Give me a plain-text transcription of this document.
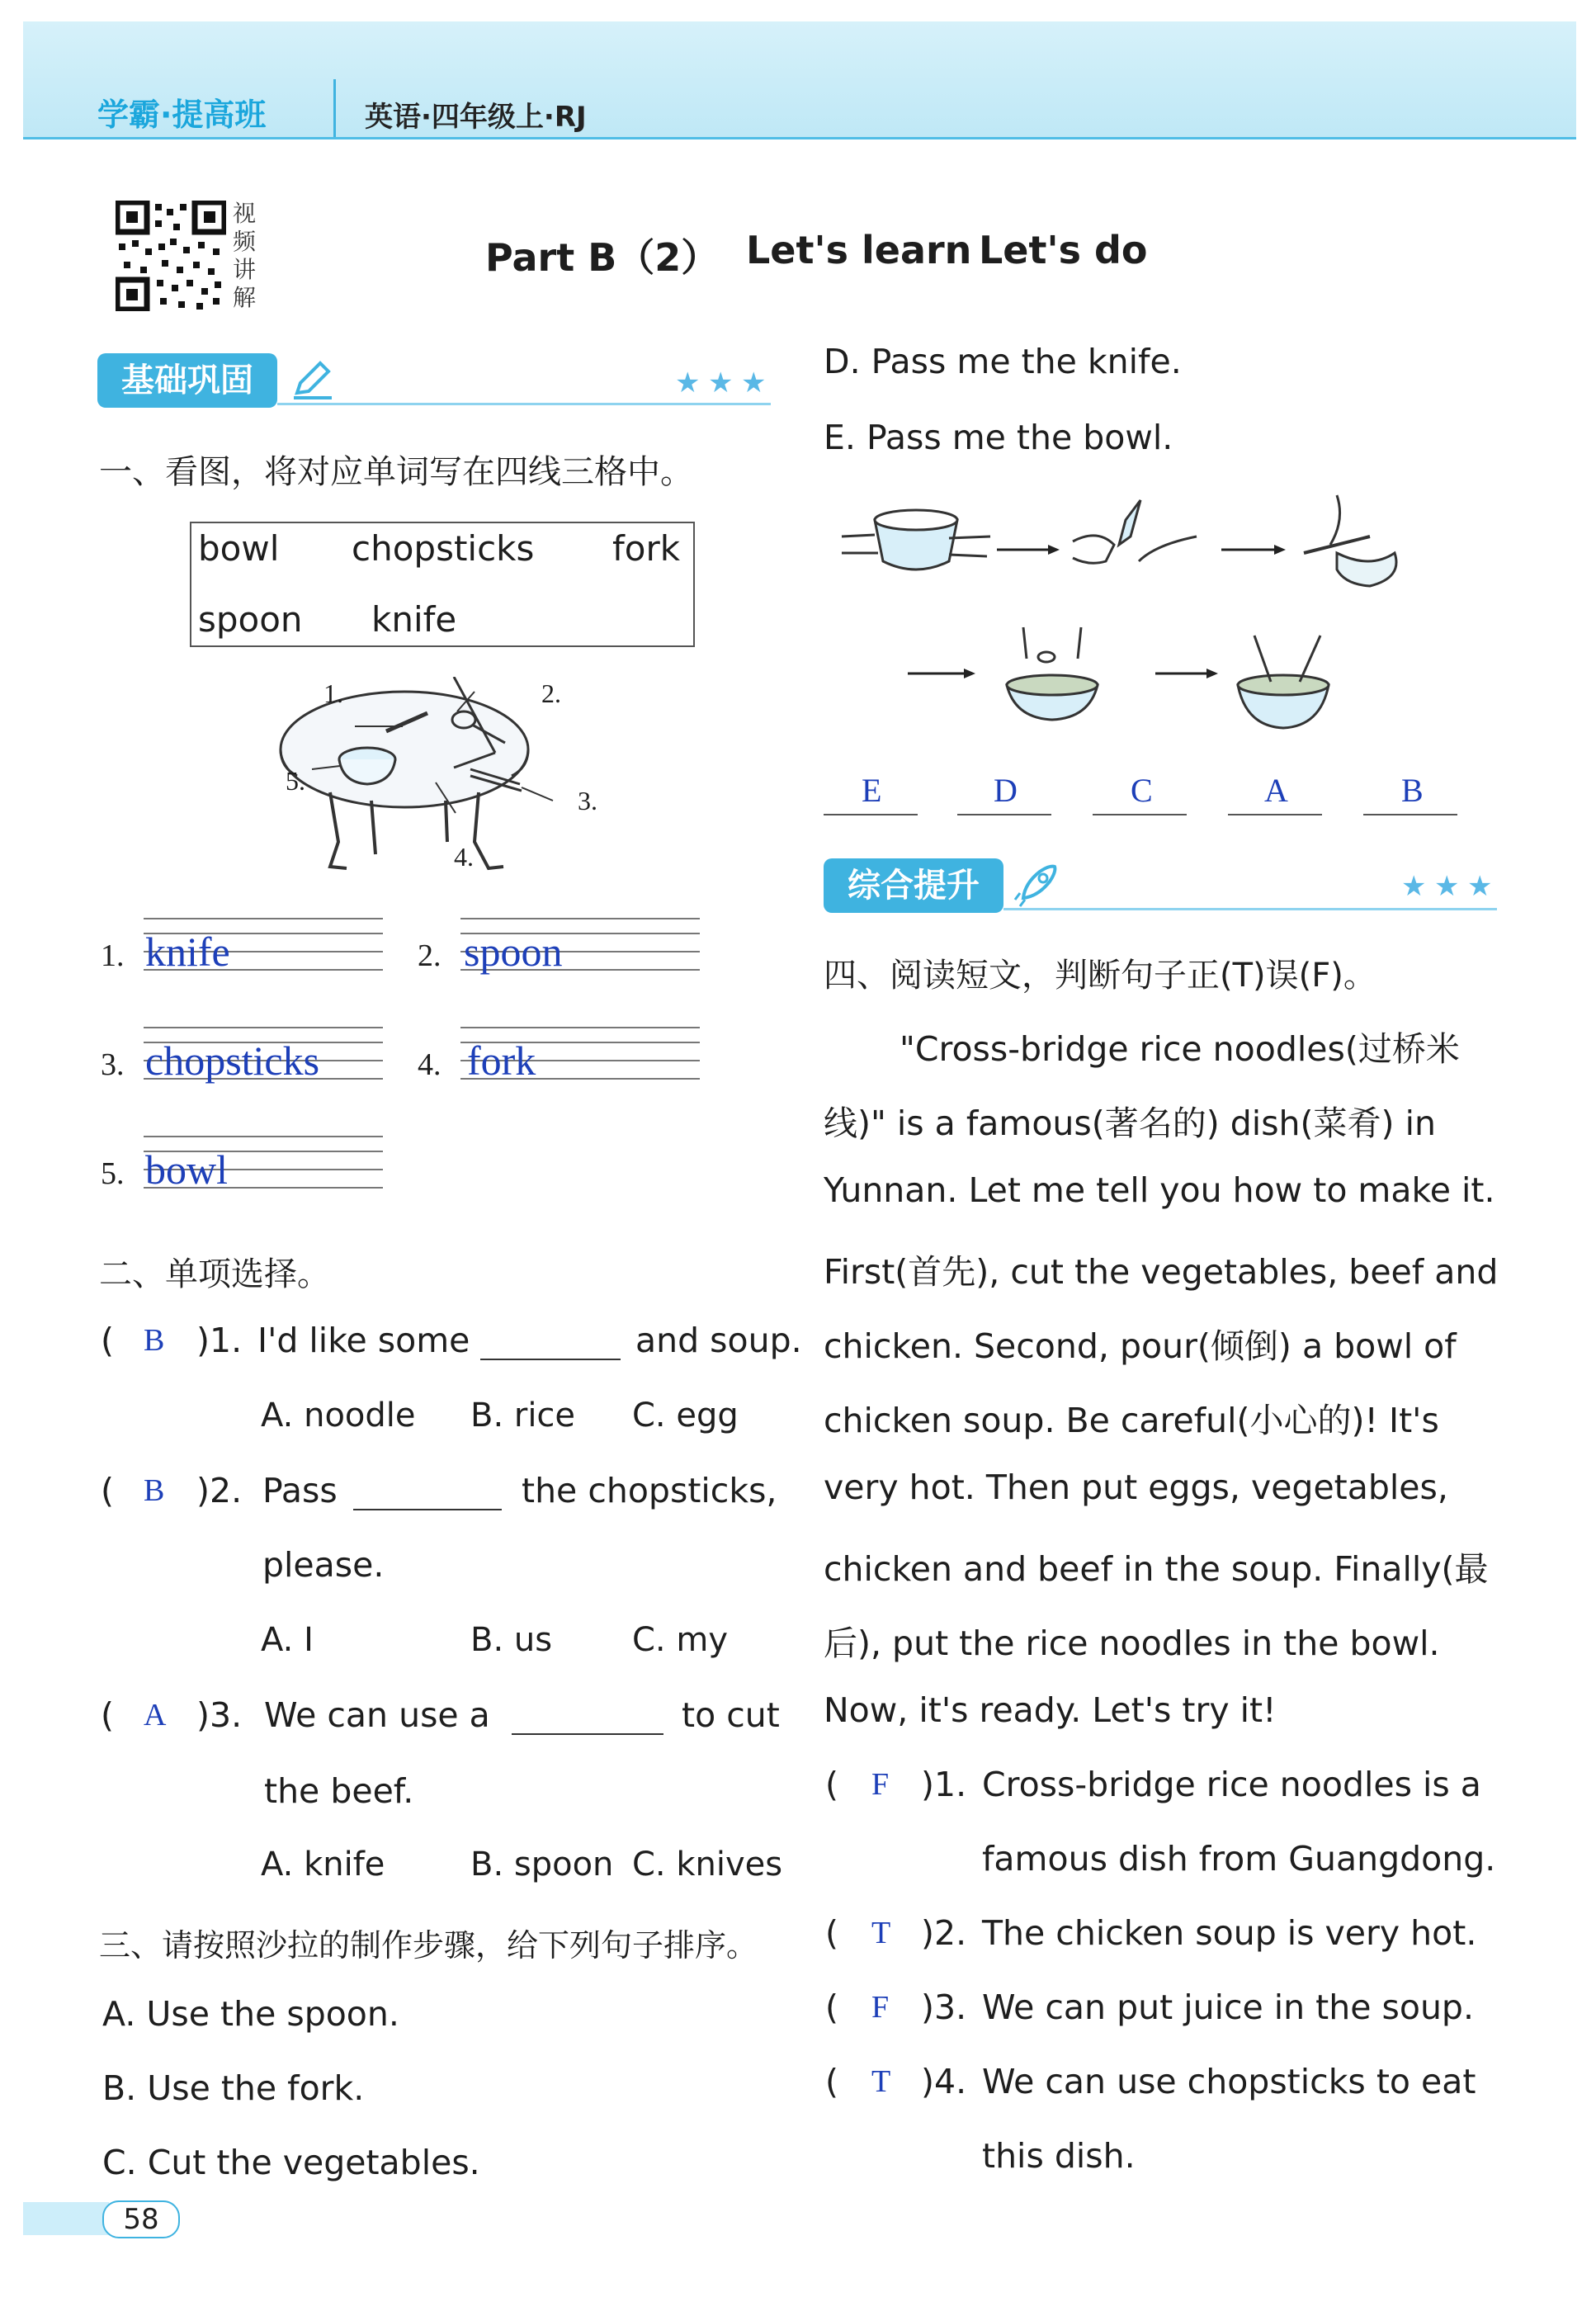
学霸·提高班	英语·四年级上·RJ
视频讲解
Part B（2） Let's learn Let's do
基础巩固	★ ★ ★
一、看图，将对应单词写在四线三格中。
bowl chopsticks fork
spoon knife
1.	2.
3.
4.
5.
1. knife	2. spoon
3. chopsticks	4. fork
5. bowl
二、单项选择。
( B )1. I'd like some	and soup.
A. noodle B. rice C. egg
( B )2. Pass	the chopsticks,
please.
A. I	B. us C. my
( A )3. We can use a	to cut
the beef.
A. knife	B. spoon C. knives
三、请按照沙拉的制作步骤，给下列句子排序。
A. Use the spoon.
B. Use the fork.
C. Cut the vegetables.
D. Pass me the knife.
E. Pass me the bowl.
E	D	C	A	B
综合提升	★ ★ ★
四、阅读短文，判断句子正(T)误(F)。
"Cross-bridge rice noodles(过桥米
线)" is a famous(著名的) dish(菜肴) in
Yunnan. Let me tell you how to make it.
First(首先), cut the vegetables, beef and
chicken. Second, pour(倾倒) a bowl of
chicken soup. Be careful(小心的)! It's
very hot. Then put eggs, vegetables,
chicken and beef in the soup. Finally(最
后), put the rice noodles in the bowl.
Now, it's ready. Let's try it!
( F )1. Cross-bridge rice noodles is a
famous dish from Guangdong.
( T )2. The chicken soup is very hot.
( F )3. We can put juice in the soup.
( T )4. We can use chopsticks to eat
this dish.
58
